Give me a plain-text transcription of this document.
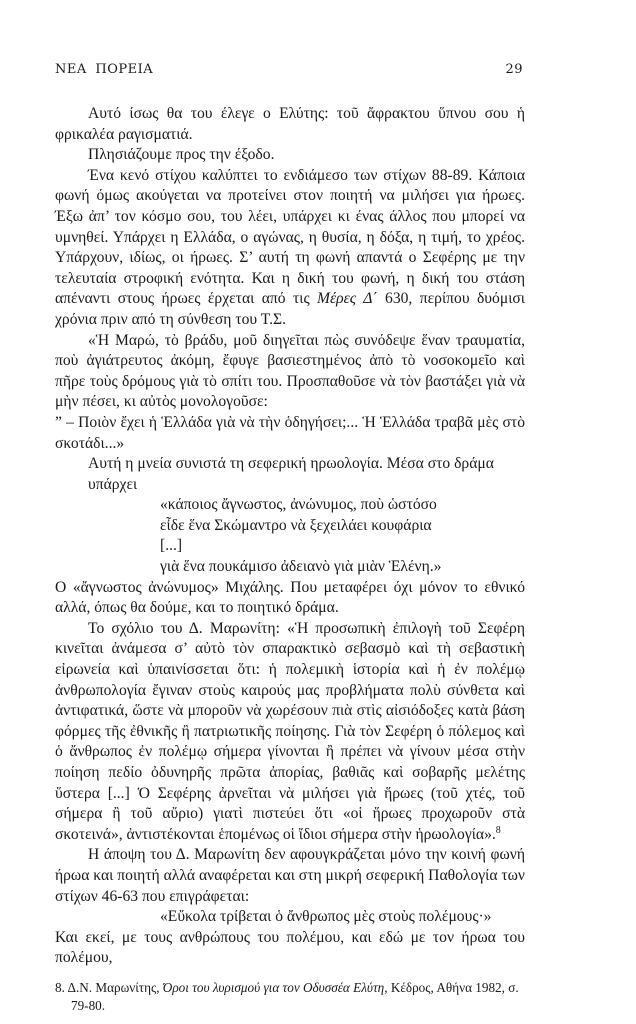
ΝΕΑ ΠΟΡΕΙΑ	29

Αυτό ίσως θα του έλεγε ο Ελύτης: τοῦ ἄφρακτου ὕπνου σου ἡ φρικαλέα ραγισματιά.

Πλησιάζουμε προς την έξοδο.

Ένα κενό στίχου καλύπτει το ενδιάμεσο των στίχων 88-89. Κάποια φωνή όμως ακούγεται να προτείνει στον ποιητή να μιλήσει για ήρωες. Έξω ἀπ’ τον κόσμο σου, του λέει, υπάρχει κι ένας άλλος που μπορεί να υμνηθεί. Υπάρχει η Ελλάδα, ο αγώνας, η θυσία, η δόξα, η τιμή, το χρέος. Υπάρχουν, ιδίως, οι ήρωες. Σ’ αυτή τη φωνή απαντά ο Σεφέρης με την τελευταία στροφική ενότητα. Και η δική του φωνή, η δική του στάση απέναντι στους ήρωες έρχεται από τις Μέρες Δ΄ 630, περίπου δυόμισι χρόνια πριν από τη σύνθεση του Τ.Σ.

«Ἡ Μαρώ, τὸ βράδυ, μοῦ διηγεῖται πὼς συνόδεψε ἕναν τραυματία, ποὺ ἀγιάτρευτος ἀκόμη, ἔφυγε βασιεστημένος ἀπὸ τὸ νοσοκομεῖο καὶ πῆρε τοὺς δρόμους γιὰ τὸ σπίτι του. Προσπαθοῦσε νὰ τὸν βαστάξει γιὰ νὰ μὴν πέσει, κι αὐτὸς μονολογοῦσε:

” – Ποιὸν ἔχει ἡ Ἑλλάδα γιὰ νὰ τὴν ὁδηγήσει;... Ἡ Ἑλλάδα τραβᾶ μὲς στὸ σκοτάδι...»

Αυτή η μνεία συνιστά τη σεφερική ηρωολογία. Μέσα στο δράμα υπάρχει
«κάποιος ἄγνωστος, ἀνώνυμος, ποὺ ὡστόσο
εἶδε ἕνα Σκώμαντρο νὰ ξεχειλάει κουφάρια
[...]
γιὰ ἕνα πουκάμισο ἀδειανὸ γιὰ μιὰν Ἑλένη.»

Ο «ἄγνωστος ἀνώνυμος» Μιχάλης. Που μεταφέρει όχι μόνον το εθνικό αλλά, όπως θα δούμε, και το ποιητικό δράμα.

Το σχόλιο του Δ. Μαρωνίτη: «Ἡ προσωπικὴ ἐπιλογὴ τοῦ Σεφέρη κινεῖται ἀνάμεσα σ’ αὐτὸ τὸν σπαρακτικὸ σεβασμὸ καὶ τὴ σεβαστικὴ εἰρωνεία καὶ ὑπαινίσσεται ὅτι: ἡ πολεμικὴ ἱστορία καὶ ἡ ἐν πολέμῳ ἀνθρωπολογία ἔγιναν στοὺς καιρούς μας προβλήματα πολὺ σύνθετα καὶ ἀντιφατικά, ὥστε νὰ μποροῦν νὰ χωρέσουν πιὰ στὶς αἰσιόδοξες κατὰ βάση φόρμες τῆς ἐθνικῆς ἢ πατριωτικῆς ποίησης. Γιὰ τὸν Σεφέρη ὁ πόλεμος καὶ ὁ ἄνθρωπος ἐν πολέμῳ σήμερα γίνονται ἢ πρέπει νὰ γίνουν μέσα στὴν ποίηση πεδίο ὀδυνηρῆς πρῶτα ἀπορίας, βαθιᾶς καὶ σοβαρῆς μελέτης ὕστερα [...] Ὁ Σεφέρης ἀρνεῖται νὰ μιλήσει γιὰ ἥρωες (τοῦ χτές, τοῦ σήμερα ἢ τοῦ αὔριο) γιατὶ πιστεύει ὅτι «οἱ ἥρωες προχωροῦν στὰ σκοτεινά», ἀντιστέκονται ἑπομένως οἱ ἴδιοι σήμερα στὴν ἡρωολογία».$^8$

Η άποψη του Δ. Μαρωνίτη δεν αφουγκράζεται μόνο την κοινή φωνή ήρωα και ποιητή αλλά αναφέρεται και στη μικρή σεφερική Παθολογία των στίχων 46-63 που επιγράφεται:

«Εὔκολα τρίβεται ὁ ἄνθρωπος μὲς στοὺς πολέμους·»

Και εκεί, με τους ανθρώπους του πολέμου, και εδώ με τον ήρωα του πολέμου,

8. Δ.Ν. Μαρωνίτης, Όροι του λυρισμού για τον Οδυσσέα Ελύτη, Κέδρος, Αθήνα 1982, σ. 79-80.
